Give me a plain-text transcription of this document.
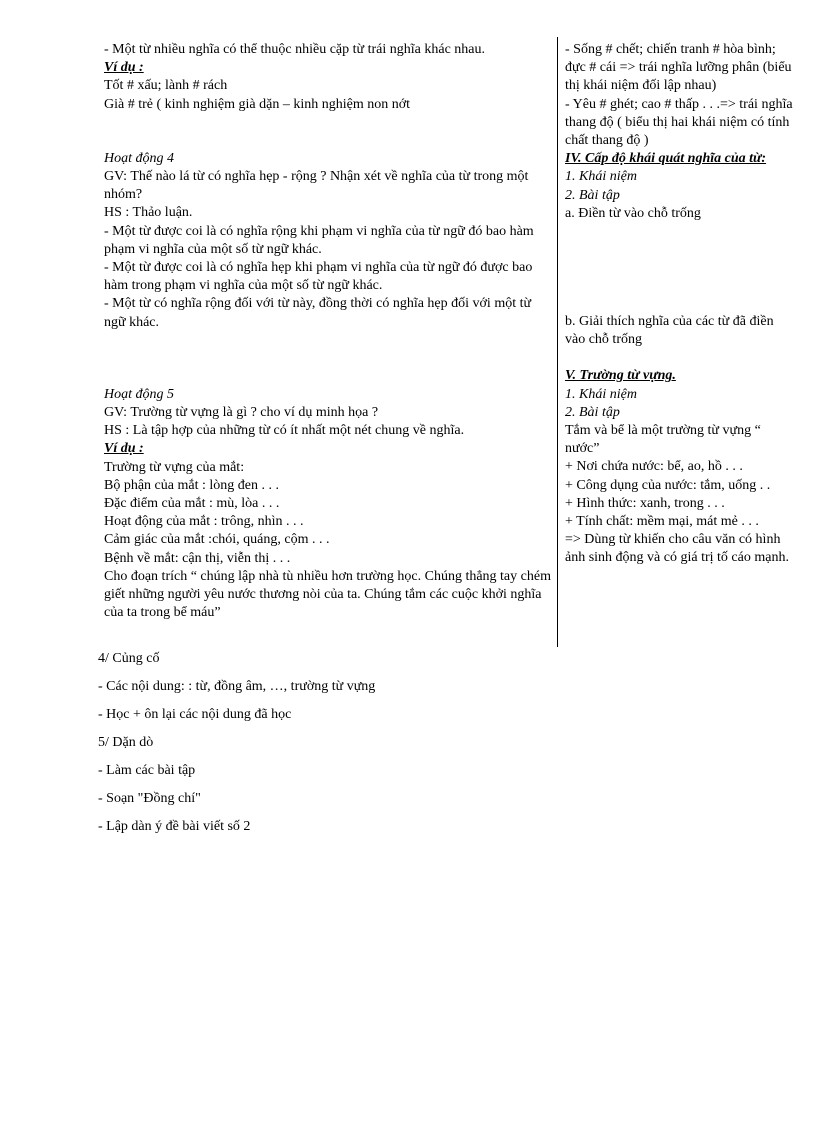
- Một từ nhiều nghĩa có thể thuộc nhiều cặp từ trái nghĩa khác nhau.

Ví dụ :

Tốt # xấu; lành # rách

Già # trẻ ( kinh nghiệm già dặn – kinh nghiệm non nớt

Hoạt động 4

GV: Thế nào lá từ có nghĩa hẹp - rộng ? Nhận xét về nghĩa của từ trong một nhóm?

HS : Thảo luận.

- Một từ được coi là có nghĩa rộng khi phạm vi nghĩa của từ ngữ đó bao hàm phạm vi nghĩa của một số từ ngữ khác.

- Một từ được coi là có nghĩa hẹp khi phạm vi nghĩa của từ ngữ đó được bao hàm trong phạm vi nghĩa của một số từ ngữ khác.

- Một từ có nghĩa rộng đối với từ này, đồng thời có nghĩa hẹp đối với một từ ngữ khác.

Hoạt động 5

GV: Trường từ vựng là gì ? cho ví dụ minh họa ?

HS : Là tập hợp của những từ có ít nhất một nét chung về nghĩa.

Ví dụ :

Trường từ vựng của mắt:

Bộ phận của mắt : lòng đen . . .

Đặc điểm của mắt : mù, lòa . . .

Hoạt động của mắt : trông, nhìn . . .

Cảm giác của mắt :chói, quáng, cộm . . .

Bệnh về mắt: cận thị, viễn thị . . .

Cho đoạn trích “ chúng lập nhà tù nhiều hơn trường học. Chúng thẳng tay chém giết những người yêu nước thương nòi của ta. Chúng tắm các cuộc khởi nghĩa của ta trong bể máu”

- Sống # chết; chiến tranh # hòa bình; đực # cái => trái nghĩa lưỡng phân (biểu thị khái niệm đối lập nhau)

- Yêu # ghét; cao # thấp . . .=> trái nghĩa thang độ ( biểu thị hai khái niệm có tính chất thang độ )

IV. Cấp độ khái quát nghĩa của từ:

1. Khái niệm

2. Bài tập

a. Điền từ vào chỗ trống

b. Giải thích nghĩa của các từ đã điền vào chỗ trống

V. Trường từ vựng.

1. Khái niệm

2. Bài tập

Tắm và bể là một trường từ vựng “ nước”

+ Nơi chứa nước: bể, ao, hồ . . .

+ Công dụng của nước: tắm, uống . .

+ Hình thức: xanh, trong . . .

+ Tính chất: mềm mại, mát mẻ . . .

=> Dùng từ khiến cho câu văn có hình ảnh sinh động và có giá trị tố cáo mạnh.

4/ Củng cố

- Các nội dung: : từ, đồng âm, …, trường từ vựng

- Học + ôn lại các nội dung đã học

5/ Dặn dò

- Làm các bài tập

- Soạn "Đồng chí"

- Lập dàn ý đề bài viết số 2
